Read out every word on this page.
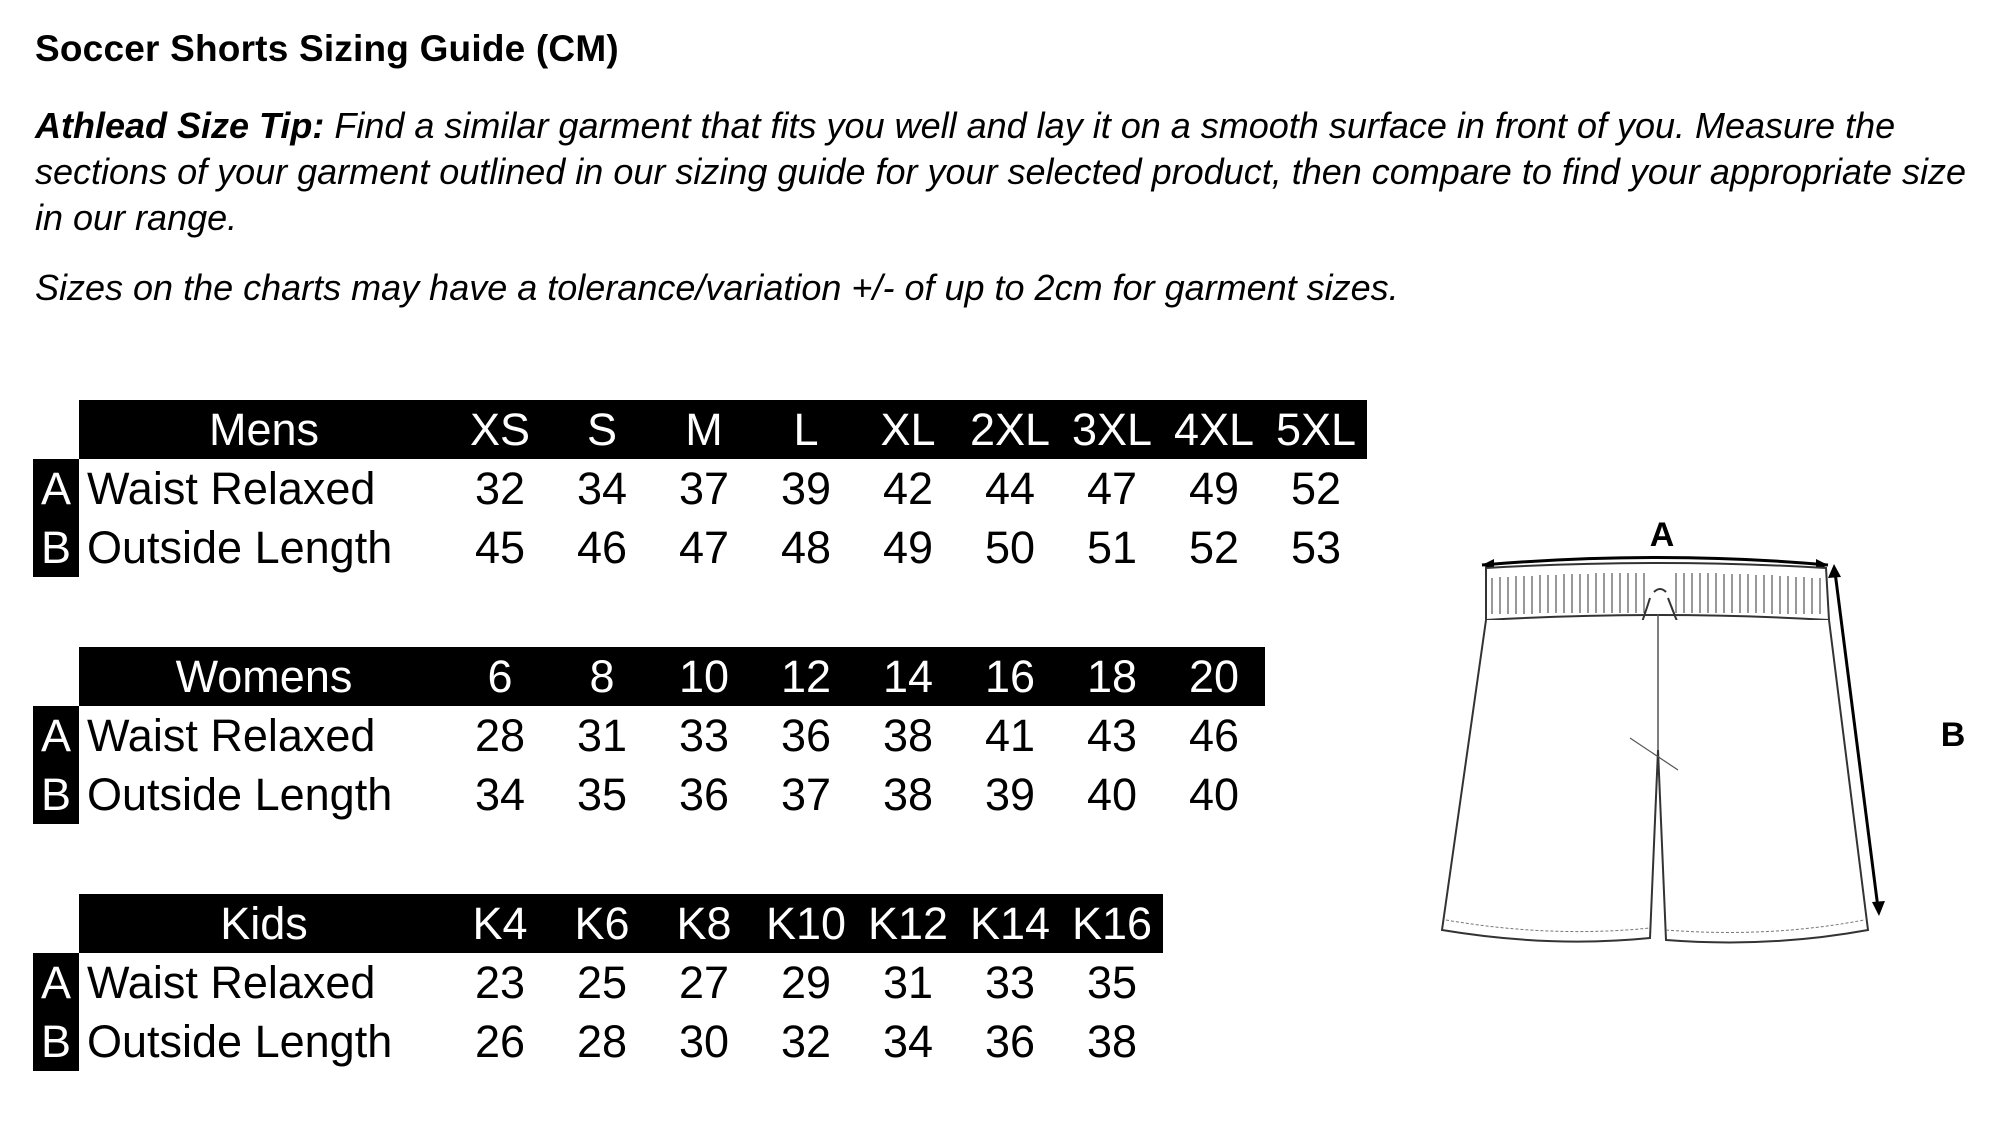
Soccer Shorts Sizing Guide (CM)
Athlead Size Tip: Find a similar garment that fits you well and lay it on a smooth surface in front of you. Measure the sections of your garment outlined in our sizing guide for your selected product, then compare to find your appropriate size in our range.
Sizes on the charts may have a tolerance/variation +/- of up to 2cm for garment sizes.
Mens	XS	S	M	L	XL 2XL 3XL 4XL 5XL
A Waist Relaxed	32	34	37	39	42	44	47	49	52
B Outside Length	45	46	47	48	49	50	51	52	53
Womens	6	8	10	12	14	16	18	20
A Waist Relaxed	28	31	33	36	38	41	43	46
B Outside Length	34	35	36	37	38	39	40	40
Kids	K4	K6	K8 K10 K12 K14 K16
A Waist Relaxed	23	25	27	29	31	33	35
B Outside Length	26	28	30	32	34	36	38
A
B
